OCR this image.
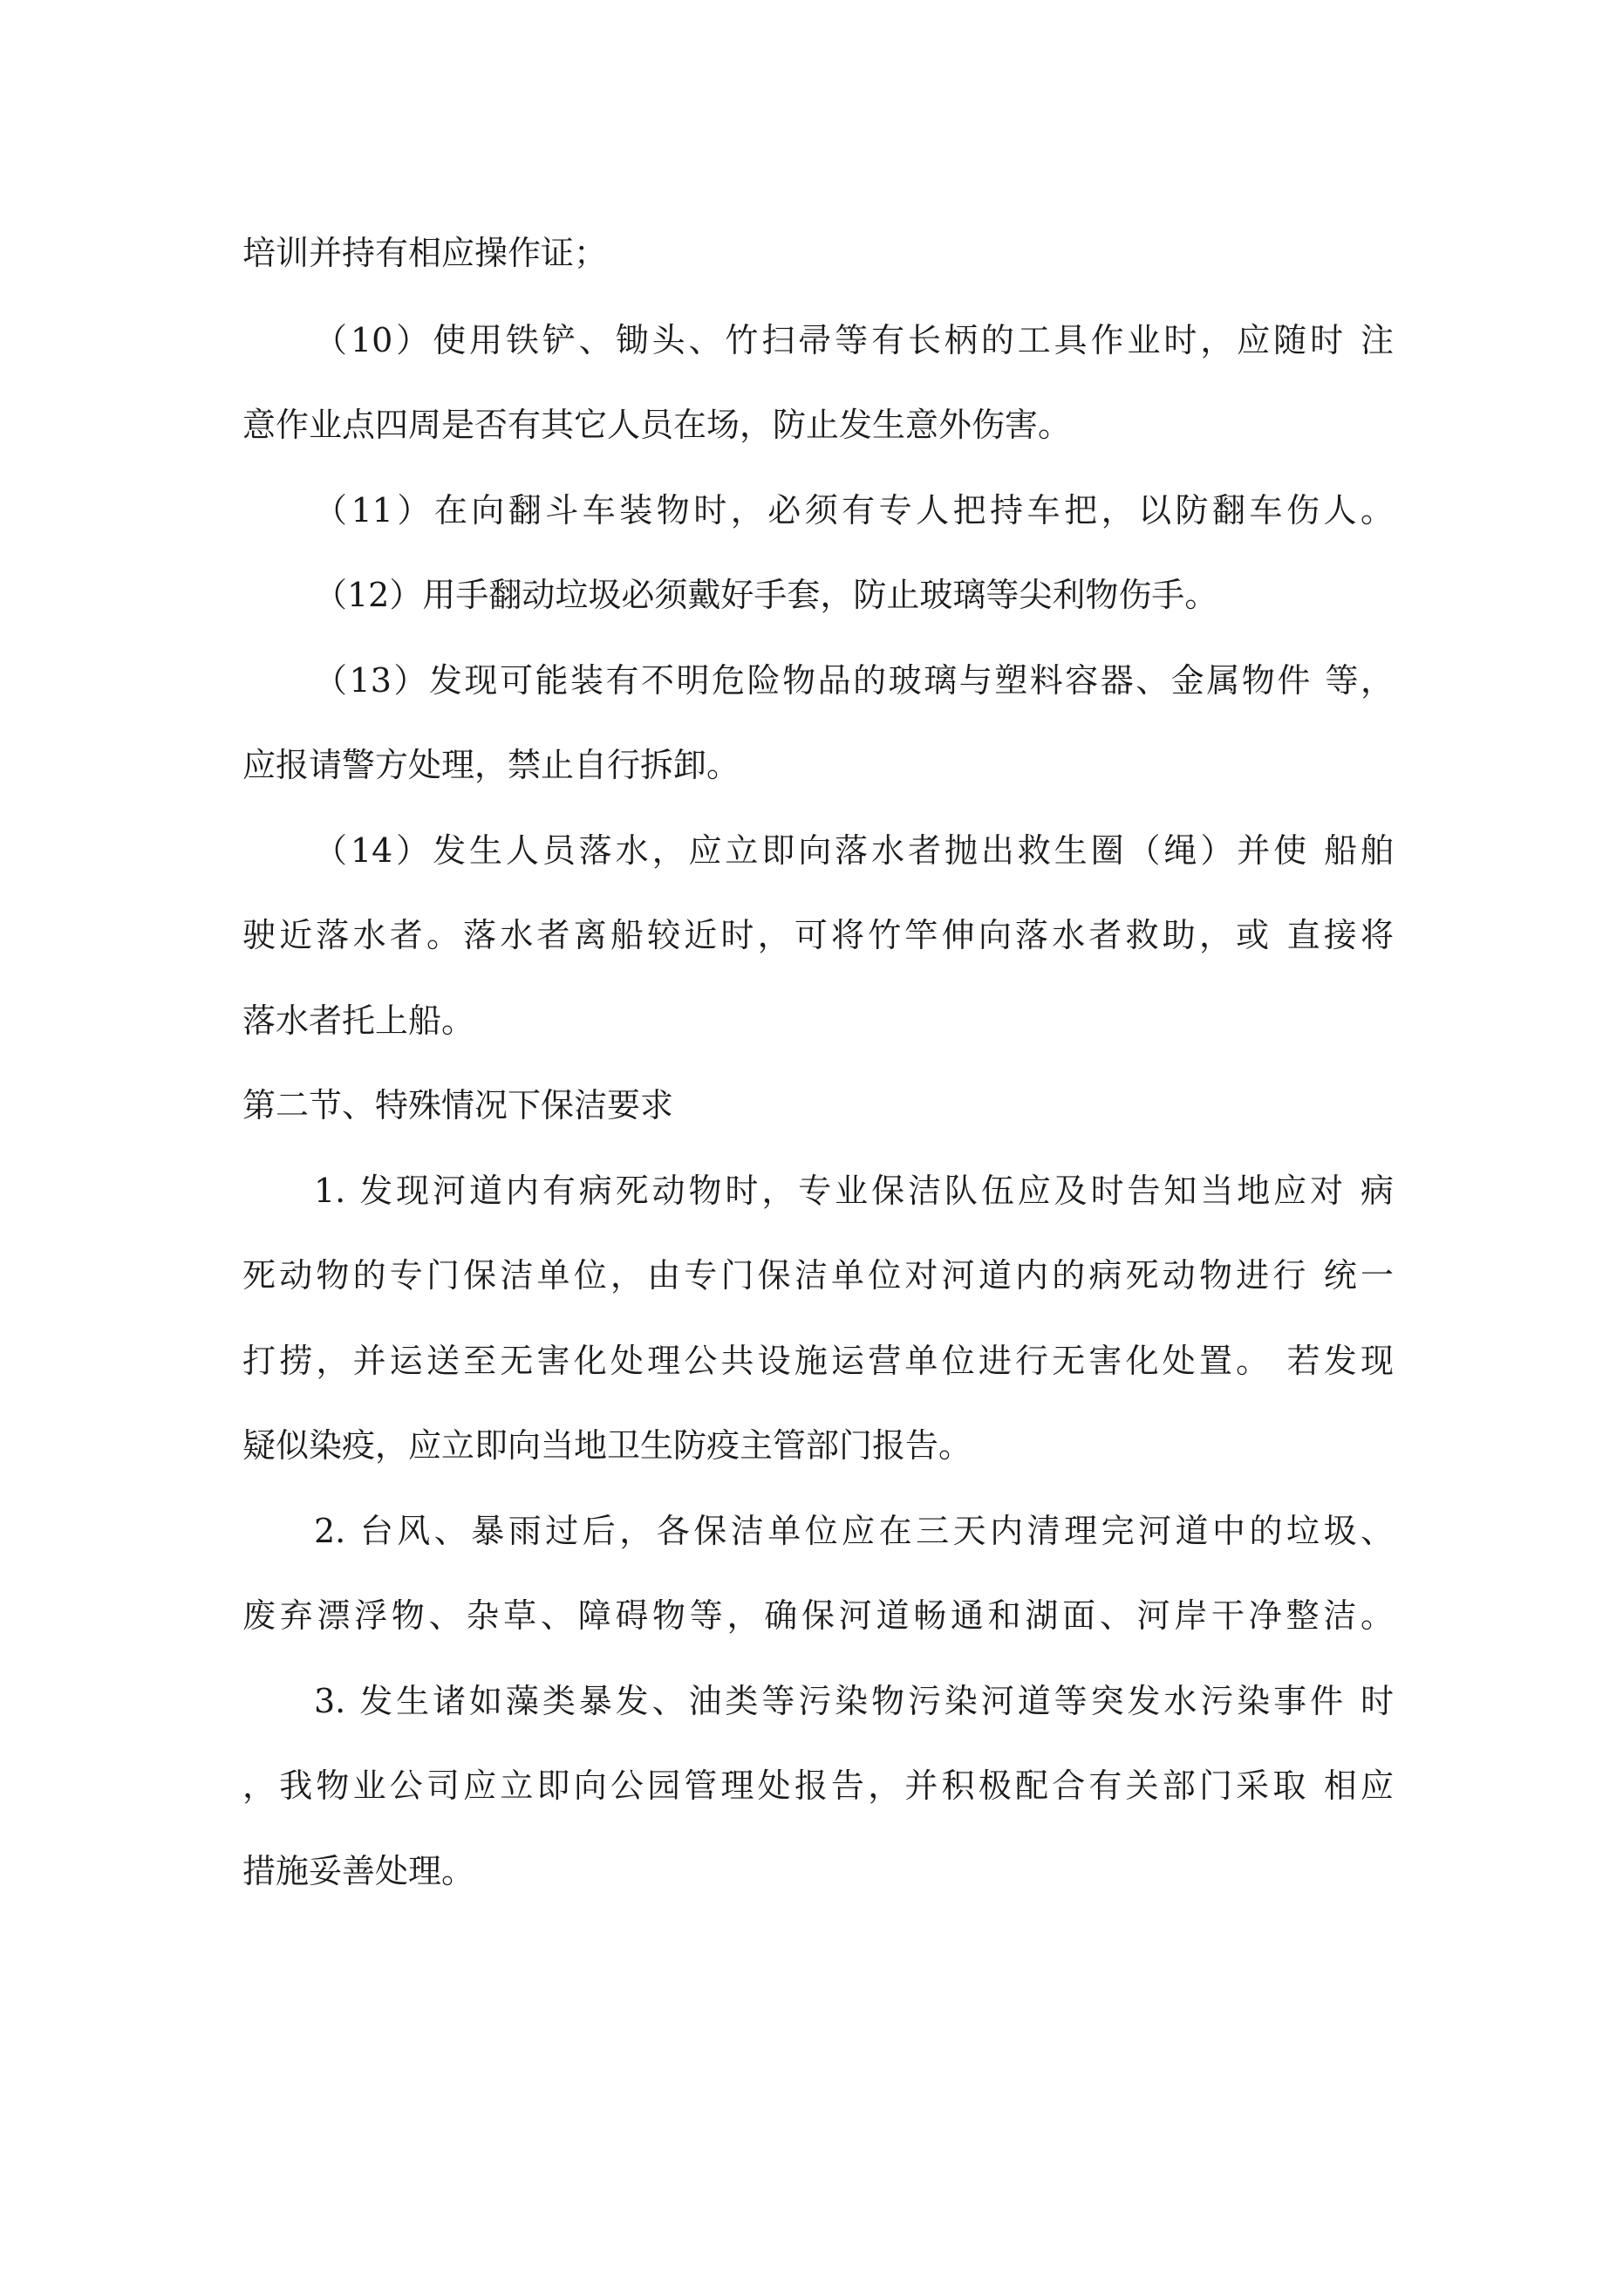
培训并持有相应操作证；
（10）使用铁铲、锄头、竹扫帚等有长柄的工具作业时，应随时 注
意作业点四周是否有其它人员在场，防止发生意外伤害。
（11）在向翻斗车装物时，必须有专人把持车把，以防翻车伤人。
（12）用手翻动垃圾必须戴好手套，防止玻璃等尖利物伤手。
（13）发现可能装有不明危险物品的玻璃与塑料容器、金属物件 等，
应报请警方处理，禁止自行拆卸。
（14）发生人员落水，应立即向落水者抛出救生圈（绳）并使 船舶
驶近落水者。落水者离船较近时，可将竹竿伸向落水者救助，或 直接将
落水者托上船。
第二节、特殊情况下保洁要求
1. 发现河道内有病死动物时，专业保洁队伍应及时告知当地应对 病
死动物的专门保洁单位，由专门保洁单位对河道内的病死动物进行 统一
打捞，并运送至无害化处理公共设施运营单位进行无害化处置。 若发现
疑似染疫，应立即向当地卫生防疫主管部门报告。
2. 台风、暴雨过后，各保洁单位应在三天内清理完河道中的垃圾、
废弃漂浮物、杂草、障碍物等，确保河道畅通和湖面、河岸干净整洁。
3. 发生诸如藻类暴发、油类等污染物污染河道等突发水污染事件 时
，我物业公司应立即向公园管理处报告，并积极配合有关部门采取 相应
措施妥善处理。
